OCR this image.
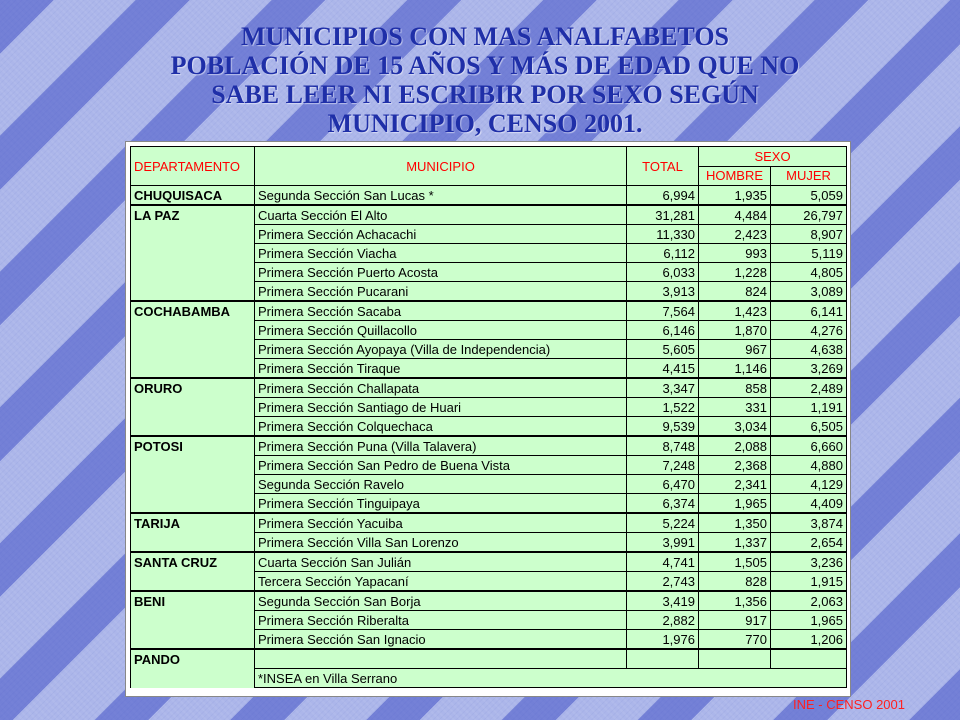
MUNICIPIOS CON MAS ANALFABETOS
POBLACIÓN DE 15 AÑOS Y MÁS DE EDAD QUE NO
SABE LEER NI ESCRIBIR POR SEXO SEGÚN
MUNICIPIO, CENSO 2001.
DEPARTAMENTO	MUNICIPIO	TOTAL	SEXO	
			HOMBRE	MUJER
CHUQUISACA	Segunda Sección San Lucas *	6,994	1,935	5,059
LA PAZ	Cuarta Sección El Alto	31,281	4,484	26,797
	Primera Sección Achacachi	11,330	2,423	8,907
	Primera Sección Viacha	6,112	993	5,119
	Primera Sección Puerto Acosta	6,033	1,228	4,805
	Primera Sección Pucarani	3,913	824	3,089
COCHABAMBA	Primera Sección Sacaba	7,564	1,423	6,141
	Primera Sección Quillacollo	6,146	1,870	4,276
	Primera Sección Ayopaya (Villa de Independencia)	5,605	967	4,638
	Primera Sección Tiraque	4,415	1,146	3,269
ORURO	Primera Sección Challapata	3,347	858	2,489
	Primera Sección Santiago de Huari	1,522	331	1,191
	Primera Sección Colquechaca	9,539	3,034	6,505
POTOSI	Primera Sección Puna (Villa Talavera)	8,748	2,088	6,660
	Primera Sección San Pedro de Buena Vista	7,248	2,368	4,880
	Segunda Sección Ravelo	6,470	2,341	4,129
	Primera Sección Tinguipaya	6,374	1,965	4,409
TARIJA	Primera Sección Yacuiba	5,224	1,350	3,874
	Primera Sección Villa San Lorenzo	3,991	1,337	2,654
SANTA CRUZ	Cuarta Sección San Julián	4,741	1,505	3,236
	Tercera Sección Yapacaní	2,743	828	1,915
BENI	Segunda Sección San Borja	3,419	1,356	2,063
	Primera Sección Riberalta	2,882	917	1,965
	Primera Sección San Ignacio	1,976	770	1,206
PANDO				
	*INSEA en Villa Serrano			
INE - CENSO 2001
